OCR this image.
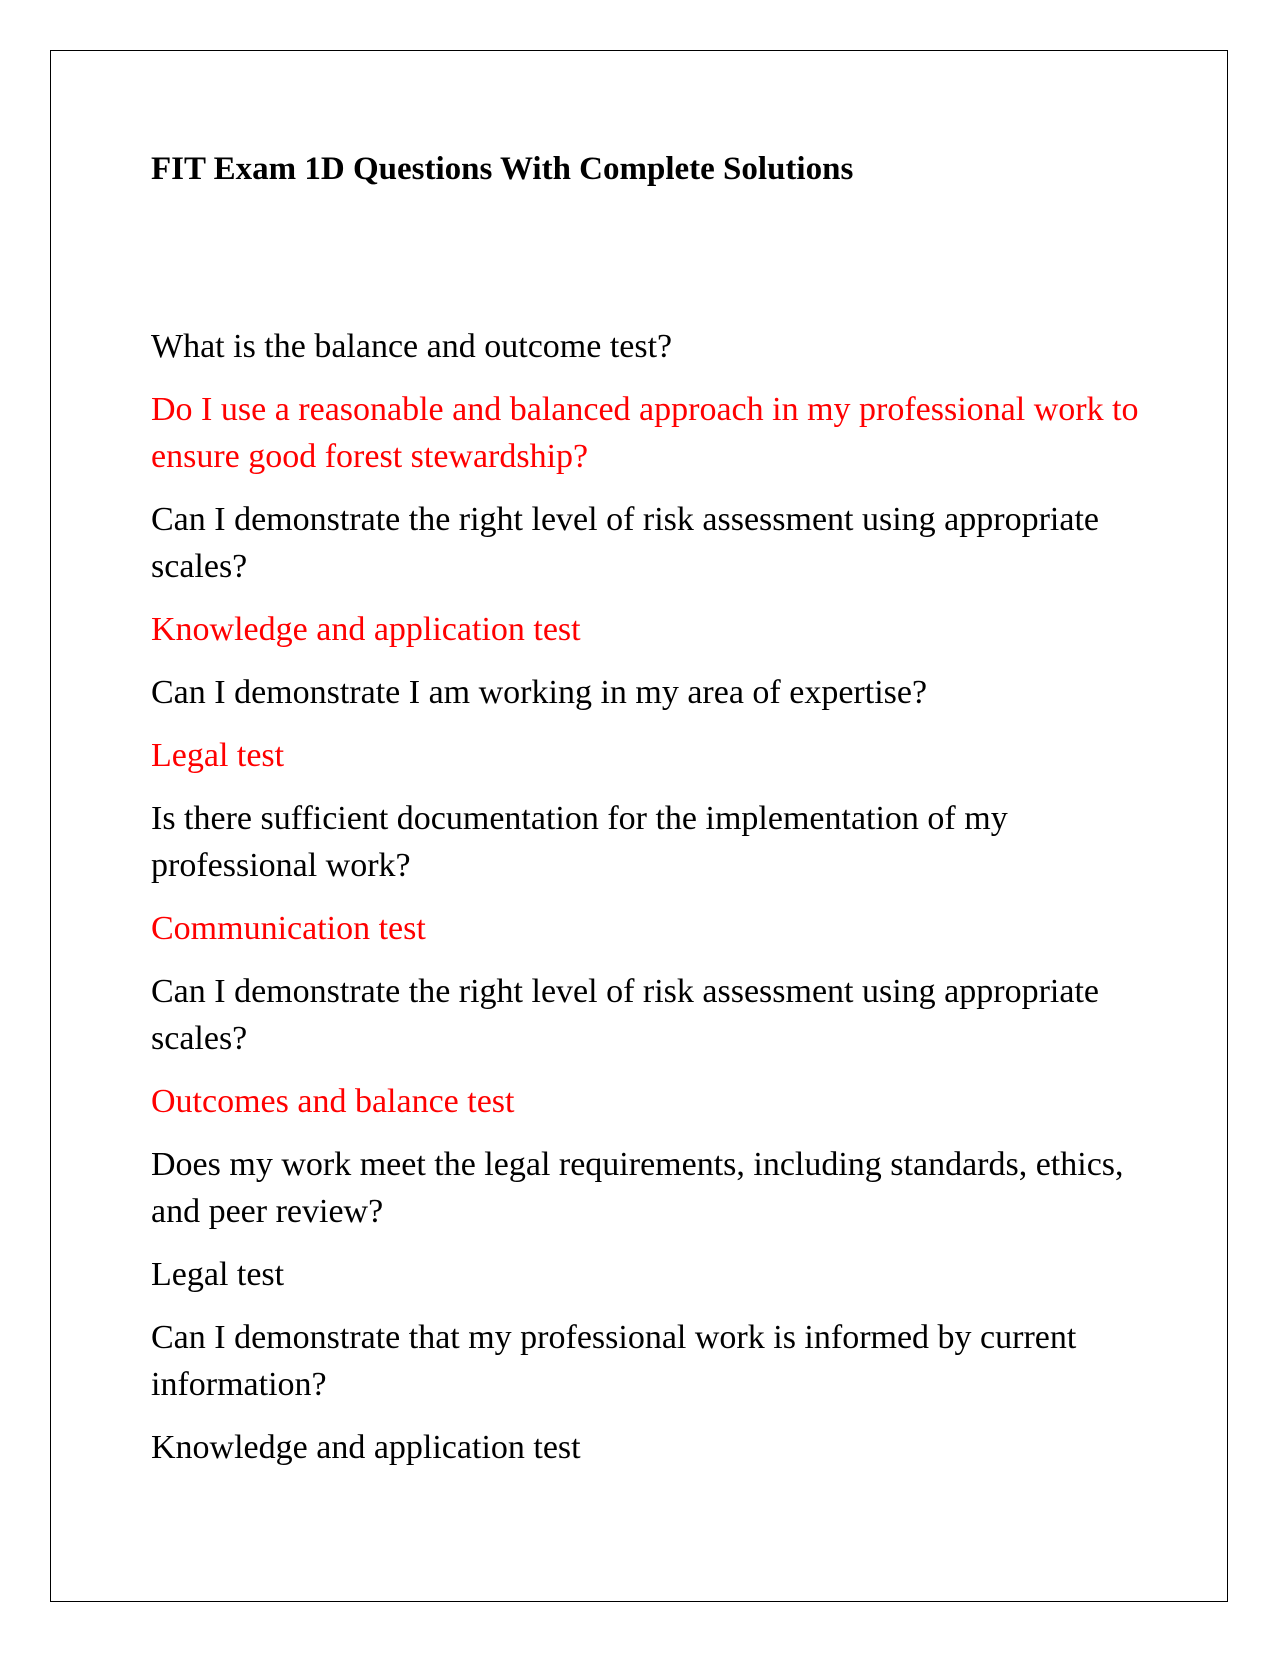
FIT Exam 1D Questions With Complete Solutions

What is the balance and outcome test?

Do I use a reasonable and balanced approach in my professional work to ensure good forest stewardship?

Can I demonstrate the right level of risk assessment using appropriate scales?

Knowledge and application test

Can I demonstrate I am working in my area of expertise?

Legal test

Is there sufficient documentation for the implementation of my professional work?

Communication test

Can I demonstrate the right level of risk assessment using appropriate scales?

Outcomes and balance test

Does my work meet the legal requirements, including standards, ethics, and peer review?

Legal test

Can I demonstrate that my professional work is informed by current information?

Knowledge and application test
